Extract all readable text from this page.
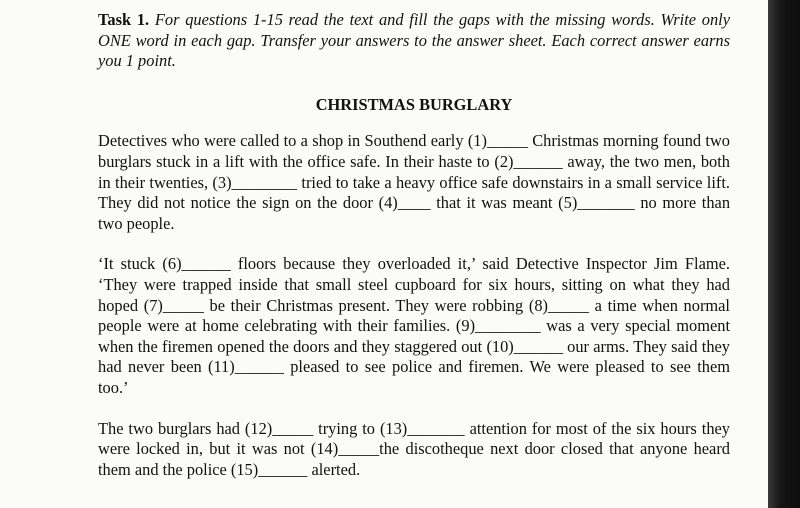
Task 1. For questions 1-15 read the text and fill the gaps with the missing words. Write only ONE word in each gap. Transfer your answers to the answer sheet. Each correct answer earns you 1 point.

CHRISTMAS BURGLARY
Detectives who were called to a shop in Southend early (1)_____ Christmas morning found two burglars stuck in a lift with the office safe. In their haste to (2)______ away, the two men, both in their twenties, (3)________ tried to take a heavy office safe downstairs in a small service lift. They did not notice the sign on the door (4)____ that it was meant (5)_______ no more than two people.
‘It stuck (6)______ floors because they overloaded it,’ said Detective Inspector Jim Flame. ‘They were trapped inside that small steel cupboard for six hours, sitting on what they had hoped (7)_____ be their Christmas present. They were robbing (8)_____ a time when normal people were at home celebrating with their families. (9)________ was a very special moment when the firemen opened the doors and they staggered out (10)______ our arms. They said they had never been (11)______ pleased to see police and firemen. We were pleased to see them too.’
The two burglars had (12)_____ trying to (13)_______ attention for most of the six hours they were locked in, but it was not (14)_____the discotheque next door closed that anyone heard them and the police (15)______ alerted.
